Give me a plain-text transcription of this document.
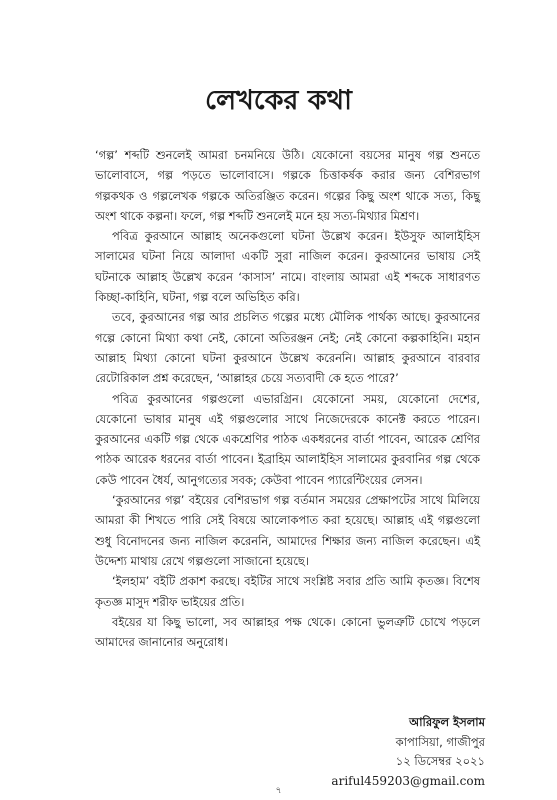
লেখকের কথা

‘গল্প’ শব্দটি শুনলেই আমরা চনমনিয়ে উঠি। যেকোনো বয়সের মানুষ গল্প শুনতে ভালোবাসে, গল্প পড়তে ভালোবাসে। গল্পকে চিত্তাকর্ষক করার জন্য বেশিরভাগ গল্পকথক ও গল্পলেখক গল্পকে অতিরঞ্জিত করেন। গল্পের কিছু অংশ থাকে সত্য, কিছু অংশ থাকে কল্পনা। ফলে, গল্প শব্দটি শুনলেই মনে হয় সত্য-মিথ্যার মিশ্রণ।

পবিত্র কুরআনে আল্লাহ অনেকগুলো ঘটনা উল্লেখ করেন। ইউসুফ আলাইহিস সালামের ঘটনা নিয়ে আলাদা একটি সুরা নাজিল করেন। কুরআনের ভাষায় সেই ঘটনাকে আল্লাহ উল্লেখ করেন ‘কাসাস’ নামে। বাংলায় আমরা এই শব্দকে সাধারণত কিচ্ছা-কাহিনি, ঘটনা, গল্প বলে অভিহিত করি।

তবে, কুরআনের গল্প আর প্রচলিত গল্পের মধ্যে মৌলিক পার্থক্য আছে। কুরআনের গল্পে কোনো মিথ্যা কথা নেই, কোনো অতিরঞ্জন নেই; নেই কোনো কল্পকাহিনি। মহান আল্লাহ মিথ্যা কোনো ঘটনা কুরআনে উল্লেখ করেননি। আল্লাহ কুরআনে বারবার রেটোরিকাল প্রশ্ন করেছেন, ‘আল্লাহর চেয়ে সত্যবাদী কে হতে পারে?’

পবিত্র কুরআনের গল্পগুলো এভারগ্রিন। যেকোনো সময়, যেকোনো দেশের, যেকোনো ভাষার মানুষ এই গল্পগুলোর সাথে নিজেদেরকে কানেক্ট করতে পারেন। কুরআনের একটি গল্প থেকে একশ্রেণির পাঠক একধরনের বার্তা পাবেন, আরেক শ্রেণির পাঠক আরেক ধরনের বার্তা পাবেন। ইব্রাহিম আলাইহিস সালামের কুরবানির গল্প থেকে কেউ পাবেন ধৈর্য, আনুগত্যের সবক; কেউবা পাবেন প্যারেন্টিংয়ের লেসন।

‘কুরআনের গল্প’ বইয়ের বেশিরভাগ গল্প বর্তমান সময়ের প্রেক্ষাপটের সাথে মিলিয়ে আমরা কী শিখতে পারি সেই বিষয়ে আলোকপাত করা হয়েছে। আল্লাহ এই গল্পগুলো শুধু বিনোদনের জন্য নাজিল করেননি, আমাদের শিক্ষার জন্য নাজিল করেছেন। এই উদ্দেশ্য মাথায় রেখে গল্পগুলো সাজানো হয়েছে।

‘ইলহাম’ বইটি প্রকাশ করছে। বইটির সাথে সংশ্লিষ্ট সবার প্রতি আমি কৃতজ্ঞ। বিশেষ কৃতজ্ঞ মাসুদ শরীফ ভাইয়ের প্রতি।

বইয়ের যা কিছু ভালো, সব আল্লাহর পক্ষ থেকে। কোনো ভুলত্রুটি চোখে পড়লে আমাদের জানানোর অনুরোধ।

আরিফুল ইসলাম
কাপাসিয়া, গাজীপুর
১২ ডিসেম্বর ২০২১
ariful459203@gmail.com
৭
